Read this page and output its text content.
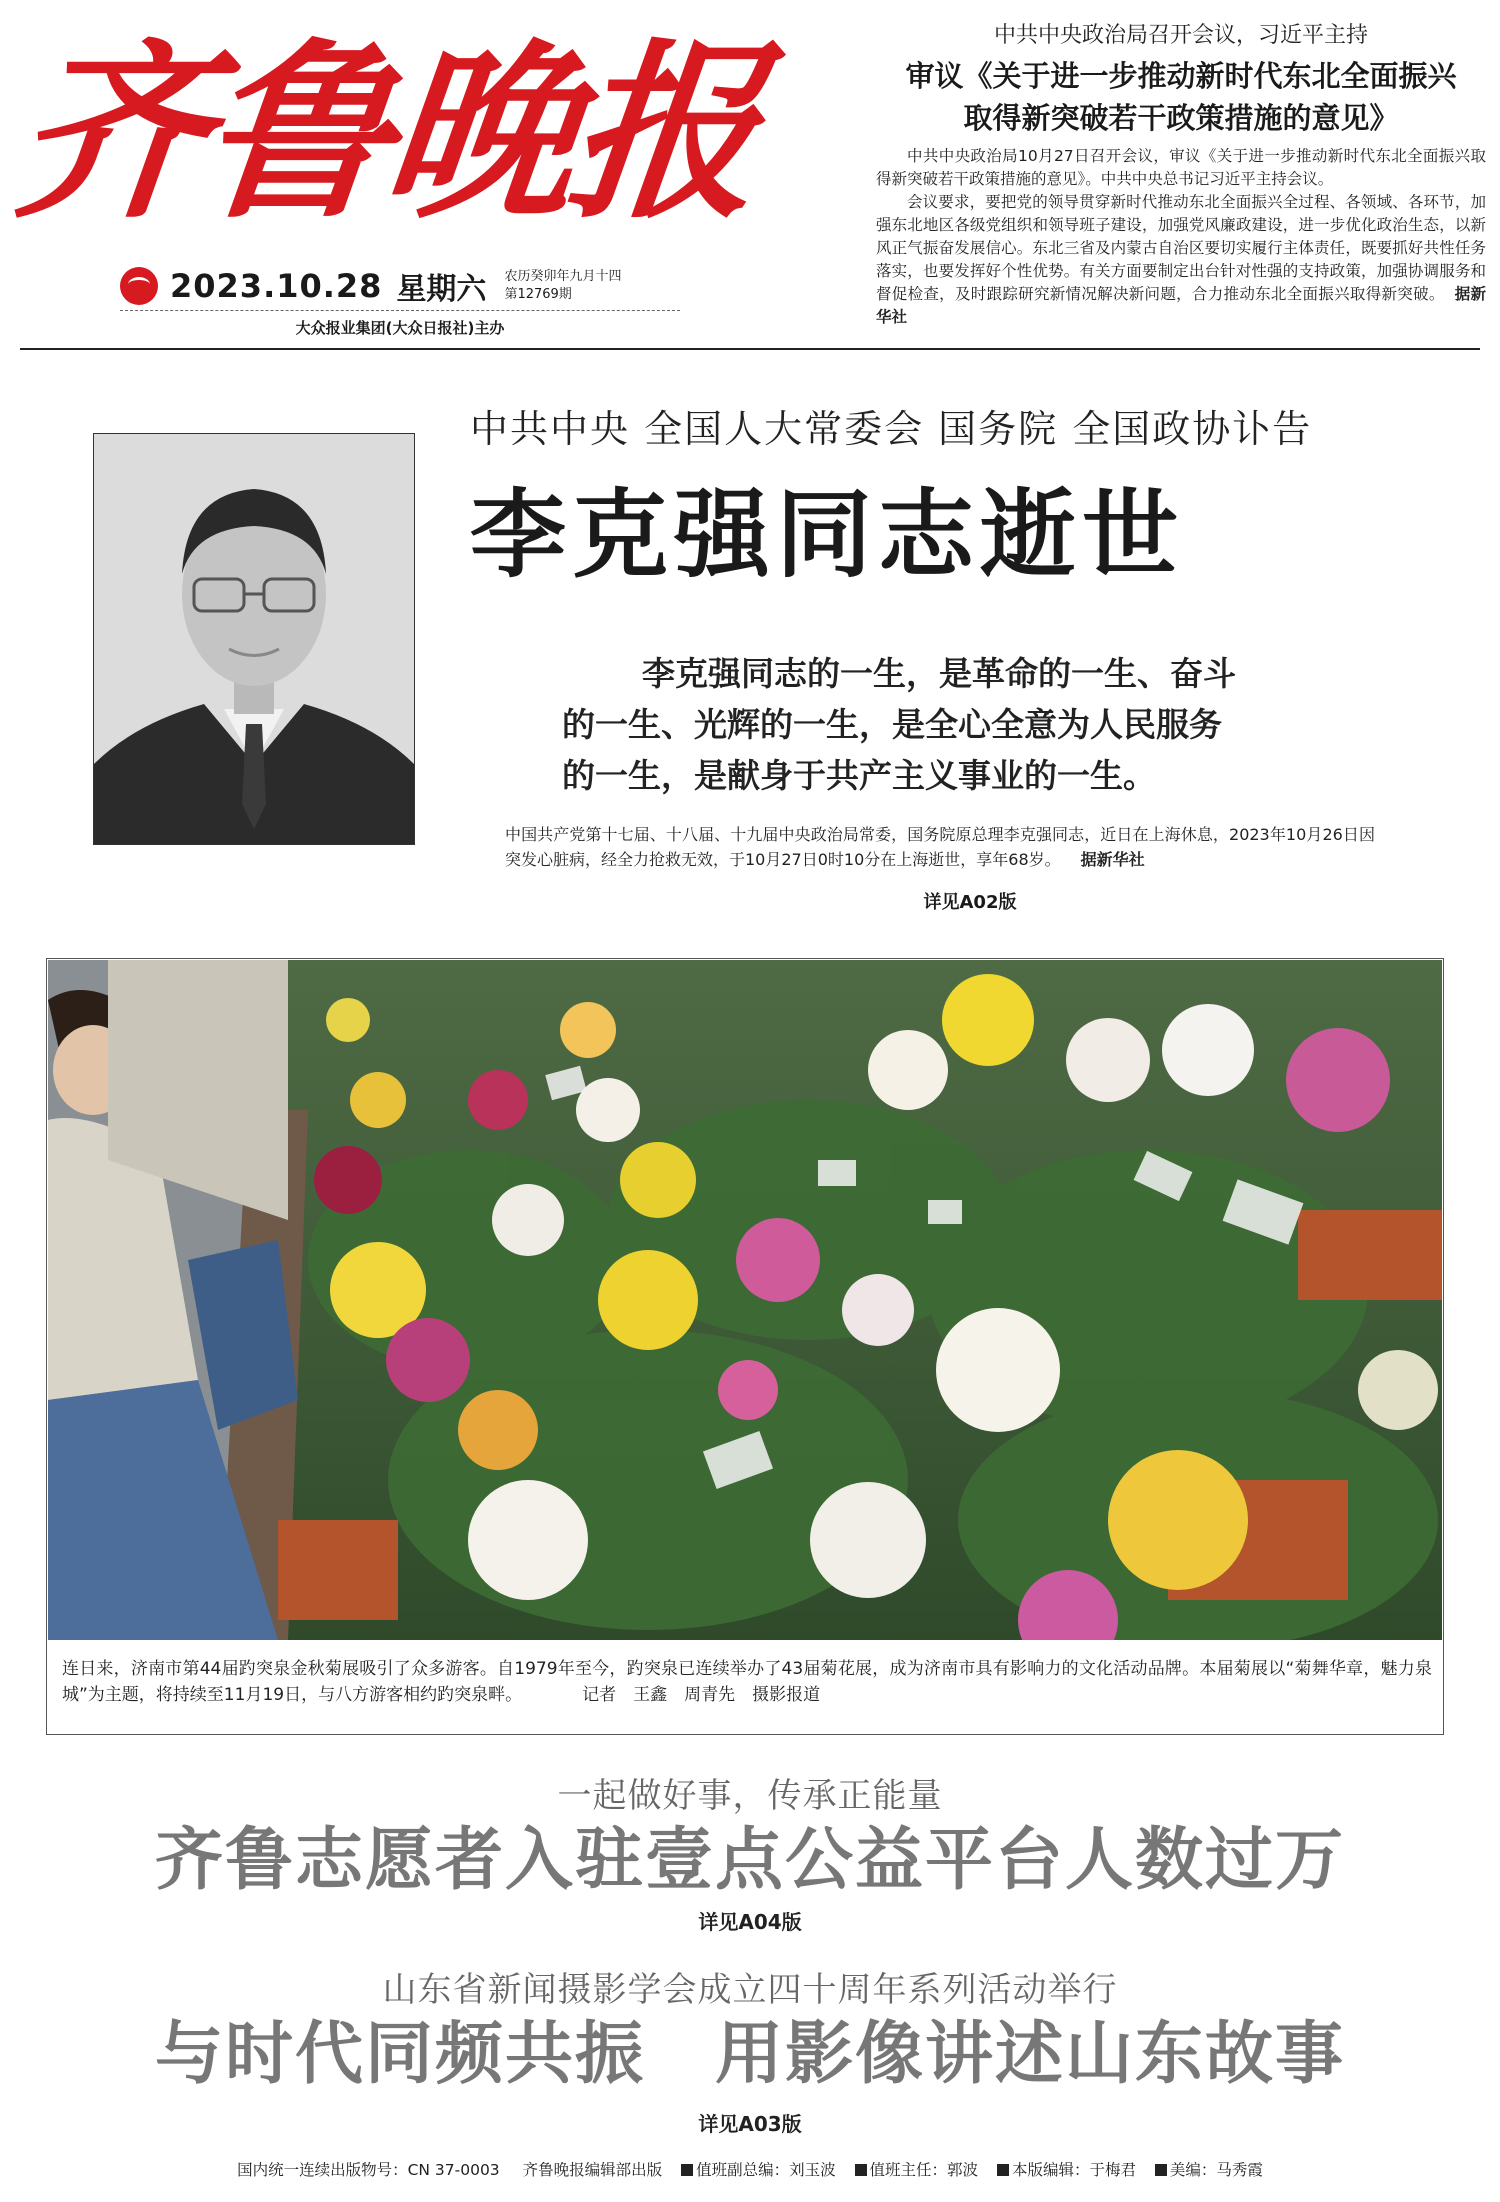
齐鲁晚报
2023.10.28 星期六 农历癸卯年九月十四
第12769期
大众报业集团(大众日报社)主办
中共中央政治局召开会议，习近平主持
审议《关于进一步推动新时代东北全面振兴
取得新突破若干政策措施的意见》
中共中央政治局10月27日召开会议，审议《关于进一步推动新时代东北全面振兴取得新突破若干政策措施的意见》。中共中央总书记习近平主持会议。
会议要求，要把党的领导贯穿新时代推动东北全面振兴全过程、各领域、各环节，加强东北地区各级党组织和领导班子建设，加强党风廉政建设，进一步优化政治生态，以新风正气振奋发展信心。东北三省及内蒙古自治区要切实履行主体责任，既要抓好共性任务落实，也要发挥好个性优势。有关方面要制定出台针对性强的支持政策，加强协调服务和督促检查，及时跟踪研究新情况解决新问题，合力推动东北全面振兴取得新突破。 据新华社
中共中央 全国人大常委会 国务院 全国政协讣告
李克强同志逝世

李克强同志的一生，是革命的一生、奋斗

的一生、光辉的一生，是全心全意为人民服务

的一生，是献身于共产主义事业的一生。

中国共产党第十七届、十八届、十九届中央政治局常委，国务院原总理李克强同志，近日在上海休息，2023年10月26日因突发心脏病，经全力抢救无效，于10月27日0时10分在上海逝世，享年68岁。 据新华社
详见A02版
连日来，济南市第44届趵突泉金秋菊展吸引了众多游客。自1979年至今，趵突泉已连续举办了43届菊花展，成为济南市具有影响力的文化活动品牌。本届菊展以“菊舞华章，魅力泉城”为主题，将持续至11月19日，与八方游客相约趵突泉畔。	记者　王鑫　周青先　摄影报道
一起做好事，传承正能量
齐鲁志愿者入驻壹点公益平台人数过万
详见A04版
山东省新闻摄影学会成立四十周年系列活动举行
与时代同频共振　用影像讲述山东故事
详见A03版
国内统一连续出版物号：CN 37-0003 齐鲁晚报编辑部出版 值班副总编：刘玉波 值班主任：郭波 本版编辑：于梅君 美编：马秀霞
